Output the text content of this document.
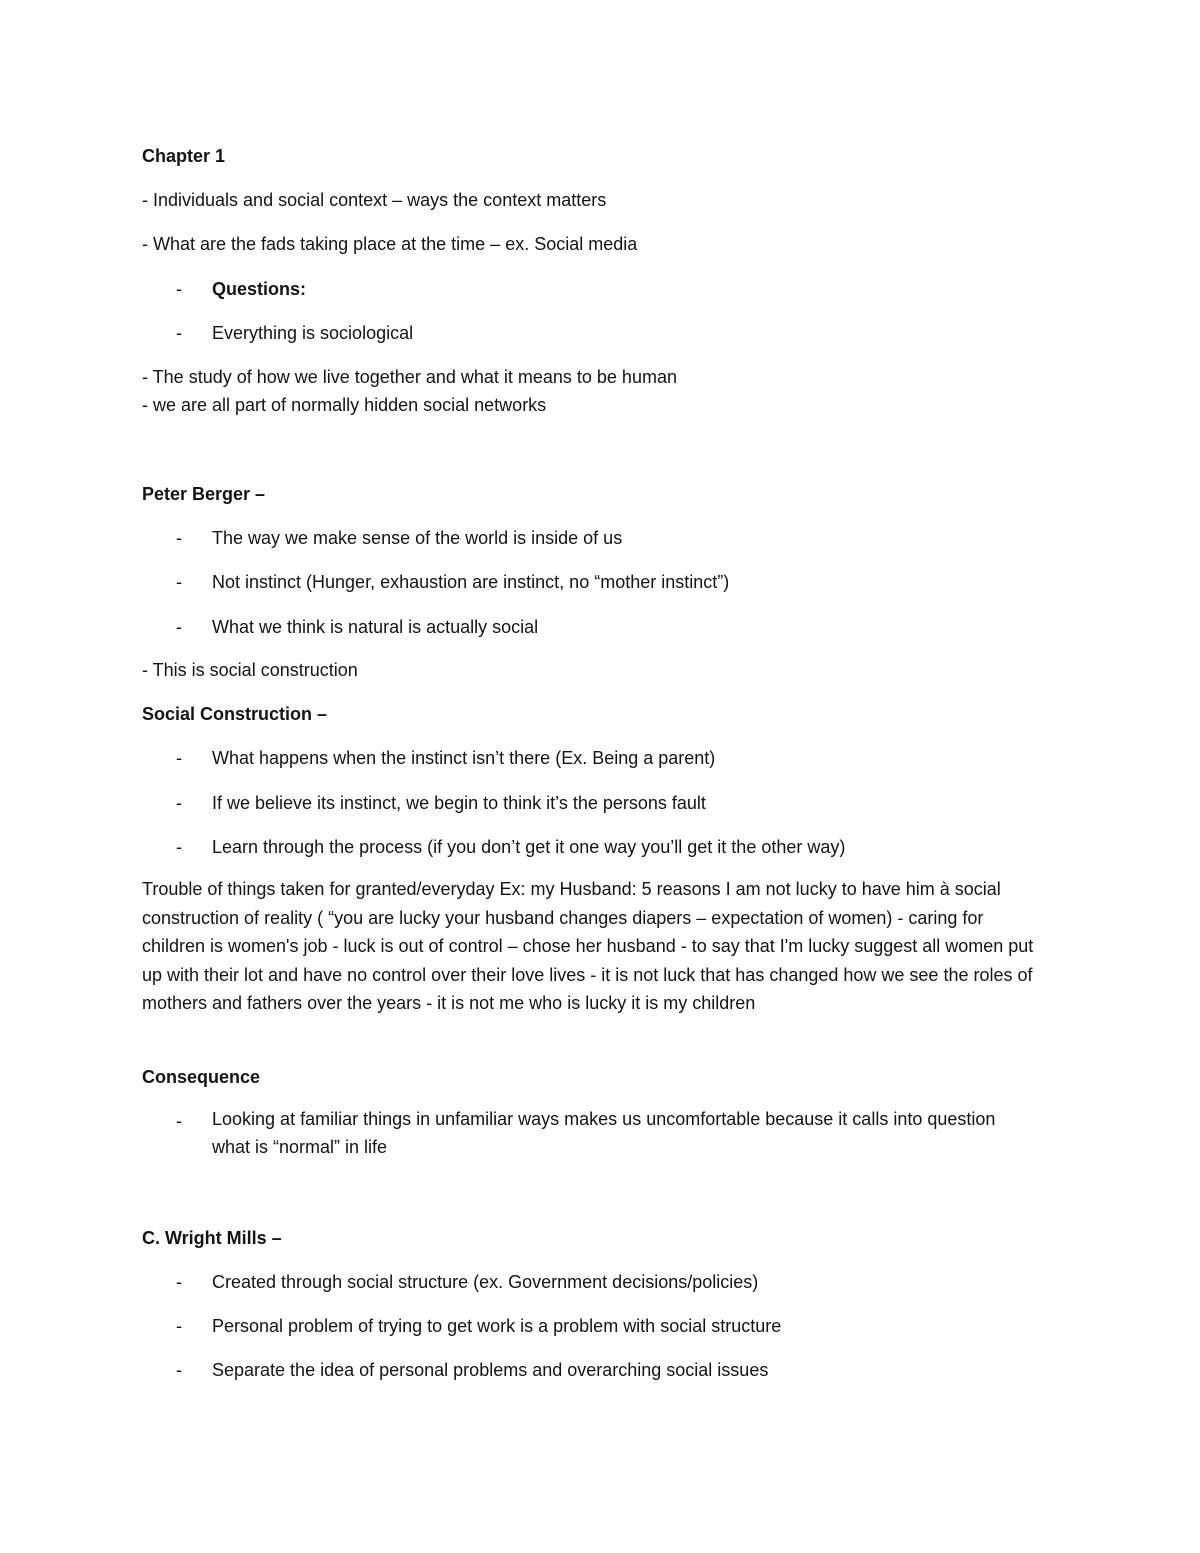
Chapter 1
- Individuals and social context – ways the context matters
- What are the fads taking place at the time – ex. Social media
- Questions:
- Everything is sociological
- The study of how we live together and what it means to be human
- we are all part of normally hidden social networks
Peter Berger –
- The way we make sense of the world is inside of us
- Not instinct (Hunger, exhaustion are instinct, no “mother instinct”)
- What we think is natural is actually social
- This is social construction
Social Construction –
- What happens when the instinct isn’t there (Ex. Being a parent)
- If we believe its instinct, we begin to think it’s the persons fault
- Learn through the process (if you don’t get it one way you’ll get it the other way)
Trouble of things taken for granted/everyday Ex: my Husband: 5 reasons I am not lucky to have him à social construction of reality ( “you are lucky your husband changes diapers – expectation of women) - caring for children is women's job - luck is out of control – chose her husband - to say that I'm lucky suggest all women put up with their lot and have no control over their love lives - it is not luck that has changed how we see the roles of mothers and fathers over the years - it is not me who is lucky it is my children
Consequence
- Looking at familiar things in unfamiliar ways makes us uncomfortable because it calls into question what is “normal” in life
C. Wright Mills –
- Created through social structure (ex. Government decisions/policies)
- Personal problem of trying to get work is a problem with social structure
- Separate the idea of personal problems and overarching social issues
